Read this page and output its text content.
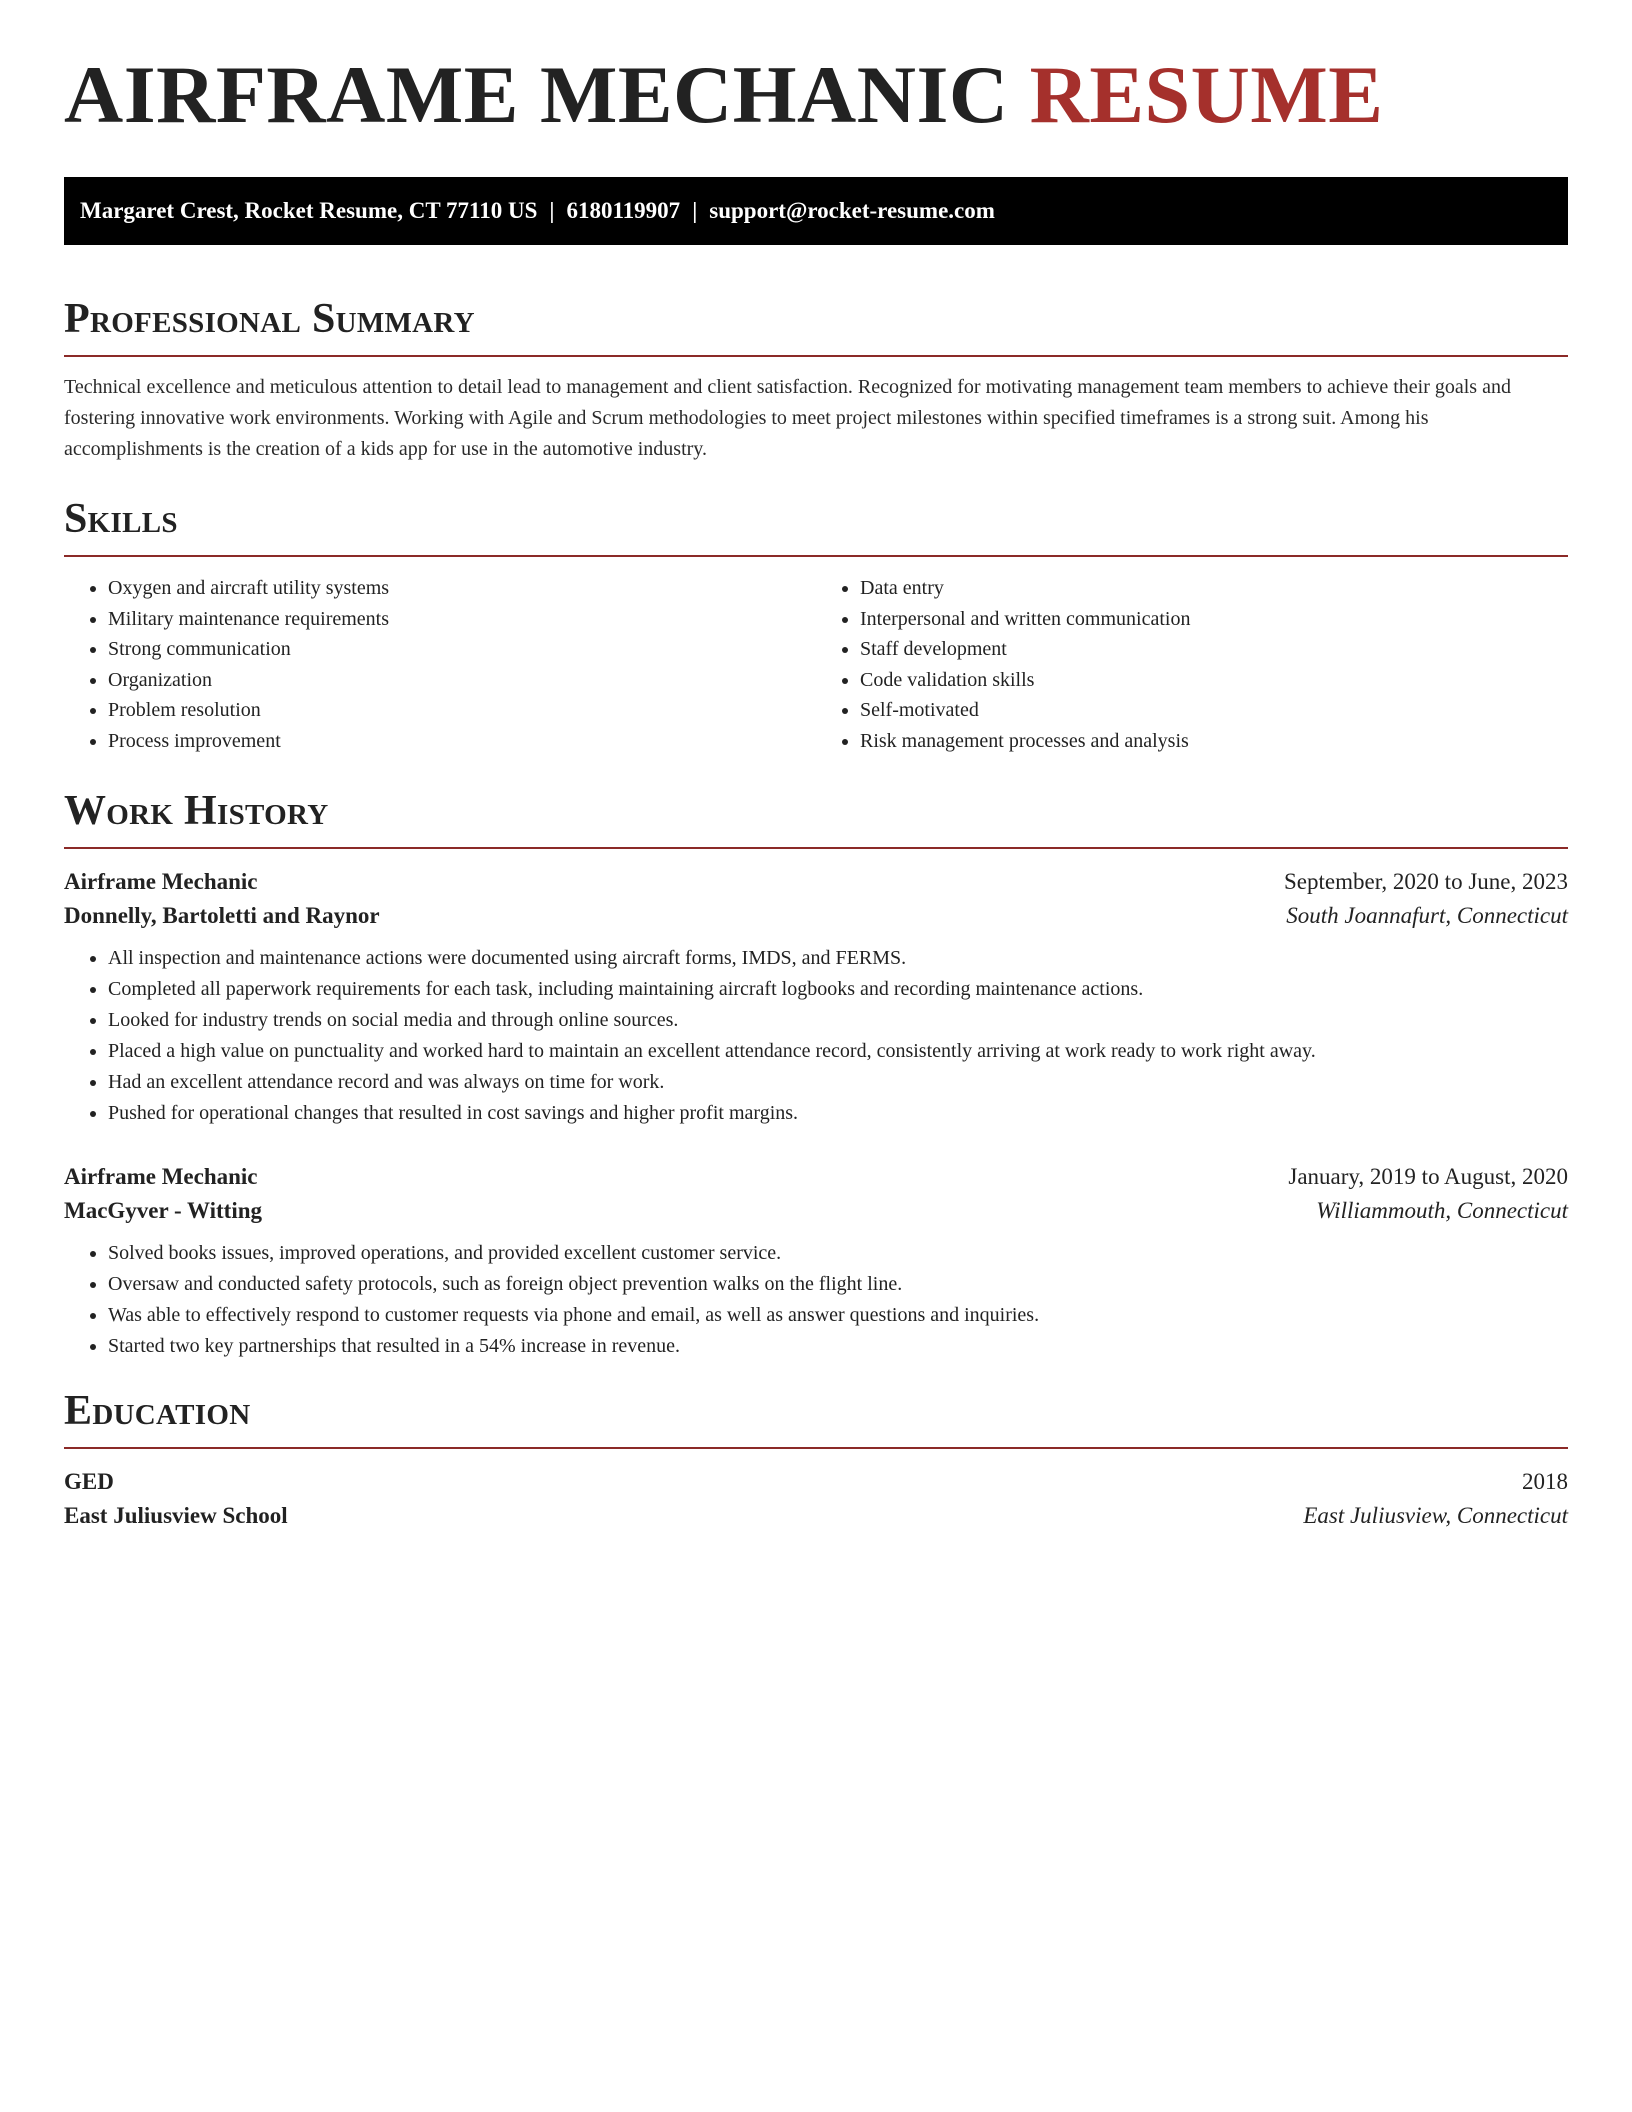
AIRFRAME MECHANIC RESUME
Margaret Crest, Rocket Resume, CT 77110 US | 6180119907 | support@rocket-resume.com
Professional Summary
Technical excellence and meticulous attention to detail lead to management and client satisfaction. Recognized for motivating management team members to achieve their goals and fostering innovative work environments. Working with Agile and Scrum methodologies to meet project milestones within specified timeframes is a strong suit. Among his accomplishments is the creation of a kids app for use in the automotive industry.
Skills
• Oxygen and aircraft utility systems
• Military maintenance requirements
• Strong communication
• Organization
• Problem resolution
• Process improvement
• Data entry
• Interpersonal and written communication
• Staff development
• Code validation skills
• Self-motivated
• Risk management processes and analysis
Work History
Airframe Mechanic	September, 2020 to June, 2023
Donnelly, Bartoletti and Raynor	South Joannafurt, Connecticut
• All inspection and maintenance actions were documented using aircraft forms, IMDS, and FERMS.
• Completed all paperwork requirements for each task, including maintaining aircraft logbooks and recording maintenance actions.
• Looked for industry trends on social media and through online sources.
• Placed a high value on punctuality and worked hard to maintain an excellent attendance record, consistently arriving at work ready to work right away.
• Had an excellent attendance record and was always on time for work.
• Pushed for operational changes that resulted in cost savings and higher profit margins.
Airframe Mechanic	January, 2019 to August, 2020
MacGyver - Witting	Williammouth, Connecticut
• Solved books issues, improved operations, and provided excellent customer service.
• Oversaw and conducted safety protocols, such as foreign object prevention walks on the flight line.
• Was able to effectively respond to customer requests via phone and email, as well as answer questions and inquiries.
• Started two key partnerships that resulted in a 54% increase in revenue.
Education
GED	2018
East Juliusview School	East Juliusview, Connecticut
